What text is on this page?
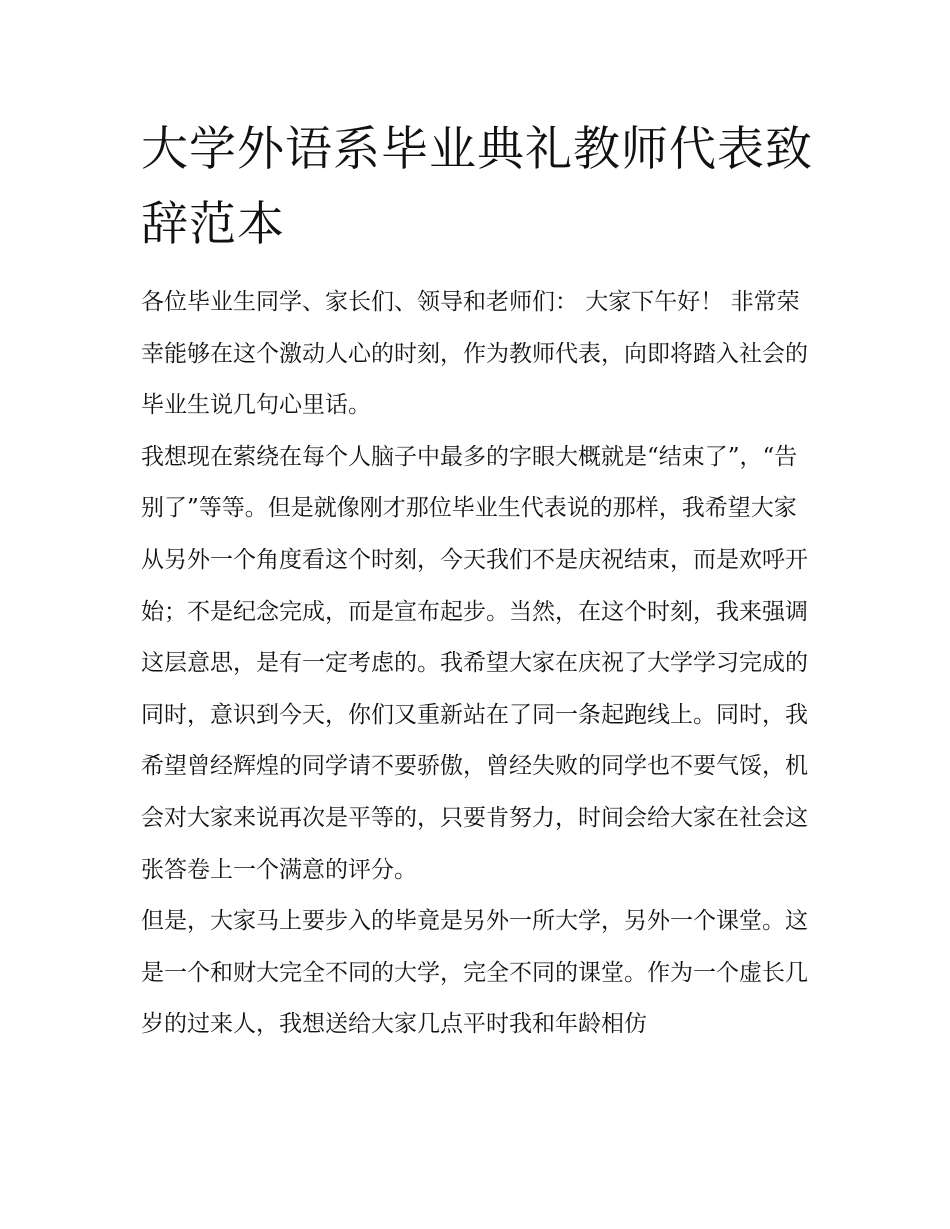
大学外语系毕业典礼教师代表致辞范本

各位毕业生同学、家长们、领导和老师们： 大家下午好！ 非常荣幸能够在这个激动人心的时刻，作为教师代表，向即将踏入社会的毕业生说几句心里话。

我想现在萦绕在每个人脑子中最多的字眼大概就是“结束了”，“告别了”等等。但是就像刚才那位毕业生代表说的那样，我希望大家从另外一个角度看这个时刻，今天我们不是庆祝结束，而是欢呼开始；不是纪念完成，而是宣布起步。当然，在这个时刻，我来强调这层意思，是有一定考虑的。我希望大家在庆祝了大学学习完成的同时，意识到今天，你们又重新站在了同一条起跑线上。同时，我希望曾经辉煌的同学请不要骄傲，曾经失败的同学也不要气馁，机会对大家来说再次是平等的，只要肯努力，时间会给大家在社会这张答卷上一个满意的评分。

但是，大家马上要步入的毕竟是另外一所大学，另外一个课堂。这是一个和财大完全不同的大学，完全不同的课堂。作为一个虚长几岁的过来人，我想送给大家几点平时我和年龄相仿
